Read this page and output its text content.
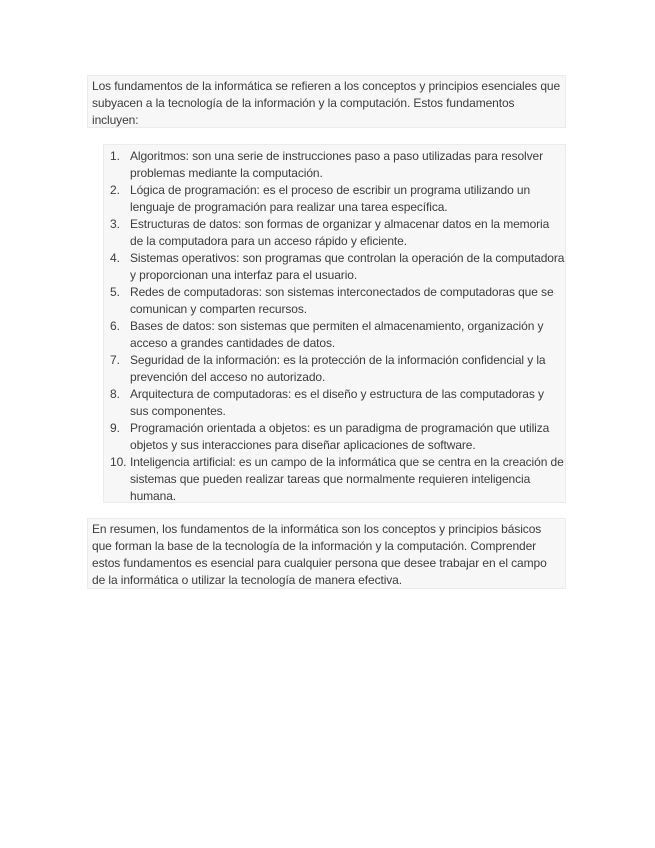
Los fundamentos de la informática se refieren a los conceptos y principios esenciales que subyacen a la tecnología de la información y la computación. Estos fundamentos incluyen:

1. Algoritmos: son una serie de instrucciones paso a paso utilizadas para resolver problemas mediante la computación.
2. Lógica de programación: es el proceso de escribir un programa utilizando un lenguaje de programación para realizar una tarea específica.
3. Estructuras de datos: son formas de organizar y almacenar datos en la memoria de la computadora para un acceso rápido y eficiente.
4. Sistemas operativos: son programas que controlan la operación de la computadora y proporcionan una interfaz para el usuario.
5. Redes de computadoras: son sistemas interconectados de computadoras que se comunican y comparten recursos.
6. Bases de datos: son sistemas que permiten el almacenamiento, organización y acceso a grandes cantidades de datos.
7. Seguridad de la información: es la protección de la información confidencial y la prevención del acceso no autorizado.
8. Arquitectura de computadoras: es el diseño y estructura de las computadoras y sus componentes.
9. Programación orientada a objetos: es un paradigma de programación que utiliza objetos y sus interacciones para diseñar aplicaciones de software.
10. Inteligencia artificial: es un campo de la informática que se centra en la creación de sistemas que pueden realizar tareas que normalmente requieren inteligencia humana.

En resumen, los fundamentos de la informática son los conceptos y principios básicos que forman la base de la tecnología de la información y la computación. Comprender estos fundamentos es esencial para cualquier persona que desee trabajar en el campo de la informática o utilizar la tecnología de manera efectiva.
